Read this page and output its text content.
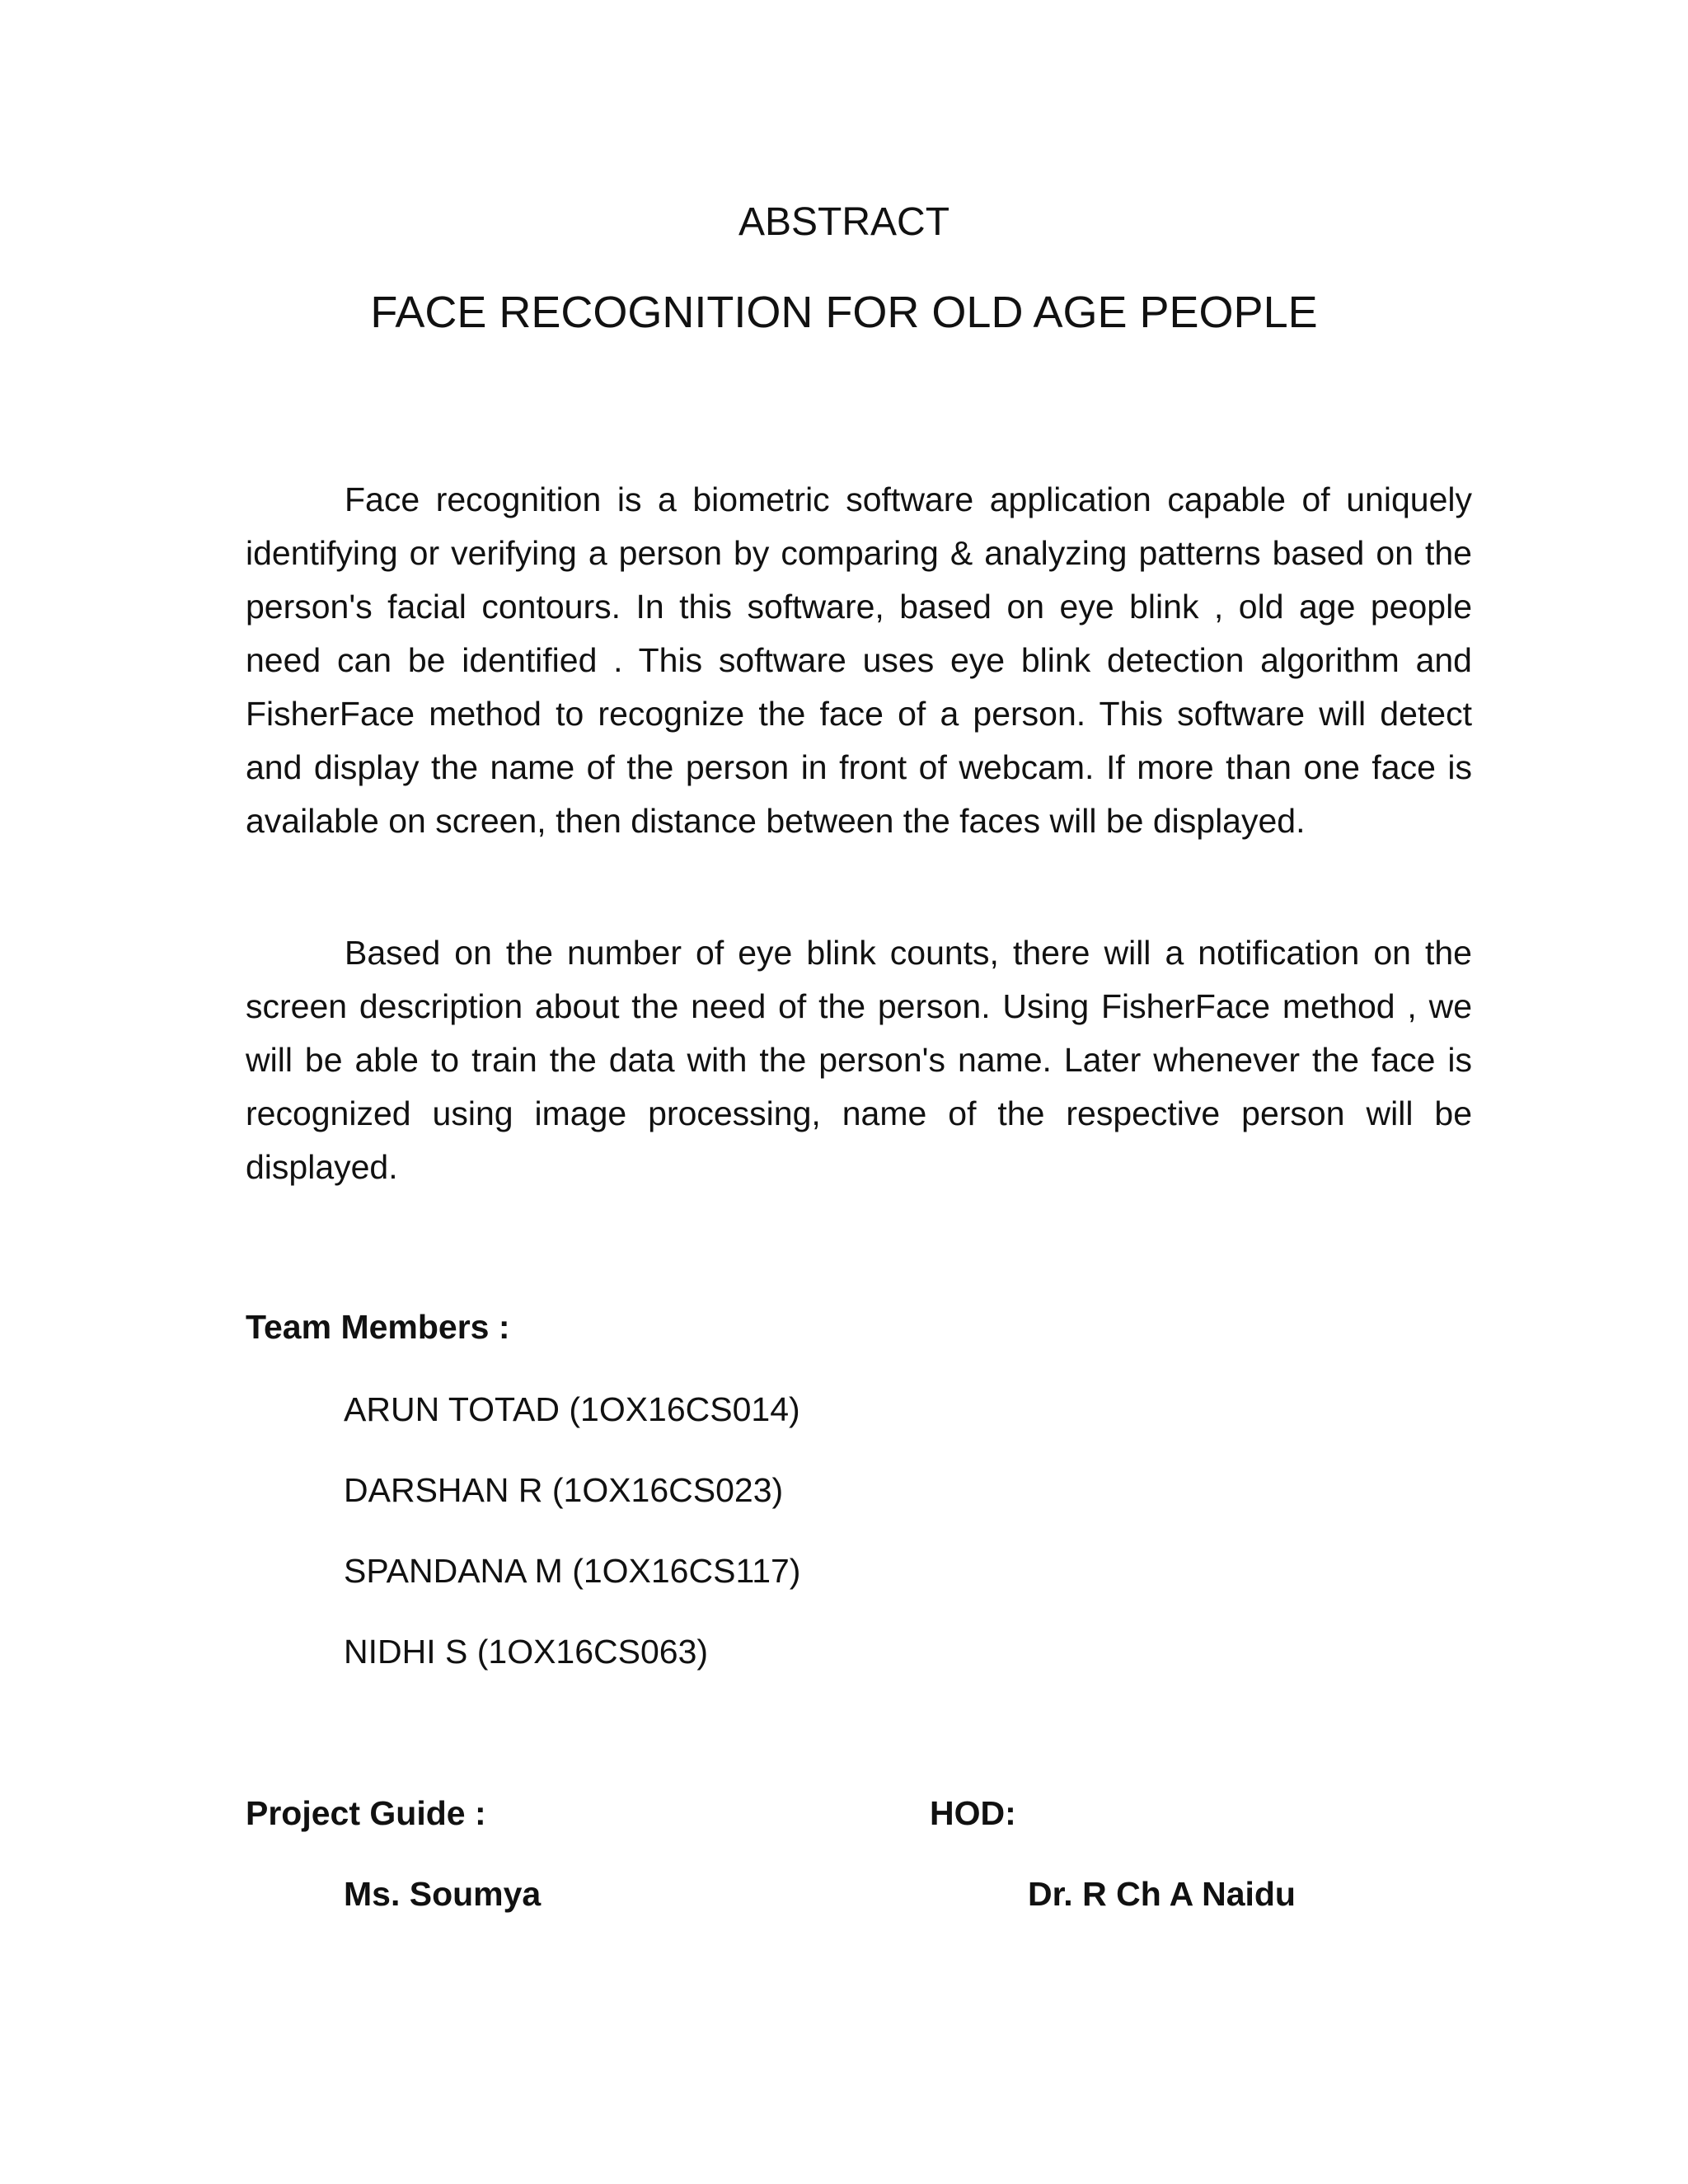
ABSTRACT
FACE RECOGNITION FOR OLD AGE PEOPLE

Face recognition is a biometric software application capable of uniquely identifying or verifying a person by comparing & analyzing patterns based on the person's facial contours. In this software, based on eye blink , old age people need can be identified . This software uses eye blink detection algorithm and FisherFace method to recognize the face of a person. This software will detect and display the name of the person in front of webcam. If more than one face is available on screen, then distance between the faces will be displayed.

Based on the number of eye blink counts, there will a notification on the screen description about the need of the person. Using FisherFace method , we will be able to train the data with the person's name. Later whenever the face is recognized using image processing, name of the respective person will be displayed.

Team Members :

ARUN TOTAD (1OX16CS014)
DARSHAN R (1OX16CS023)
SPANDANA M (1OX16CS117)
NIDHI S (1OX16CS063)

Project Guide :

Ms. Soumya

HOD:

Dr. R Ch A Naidu
